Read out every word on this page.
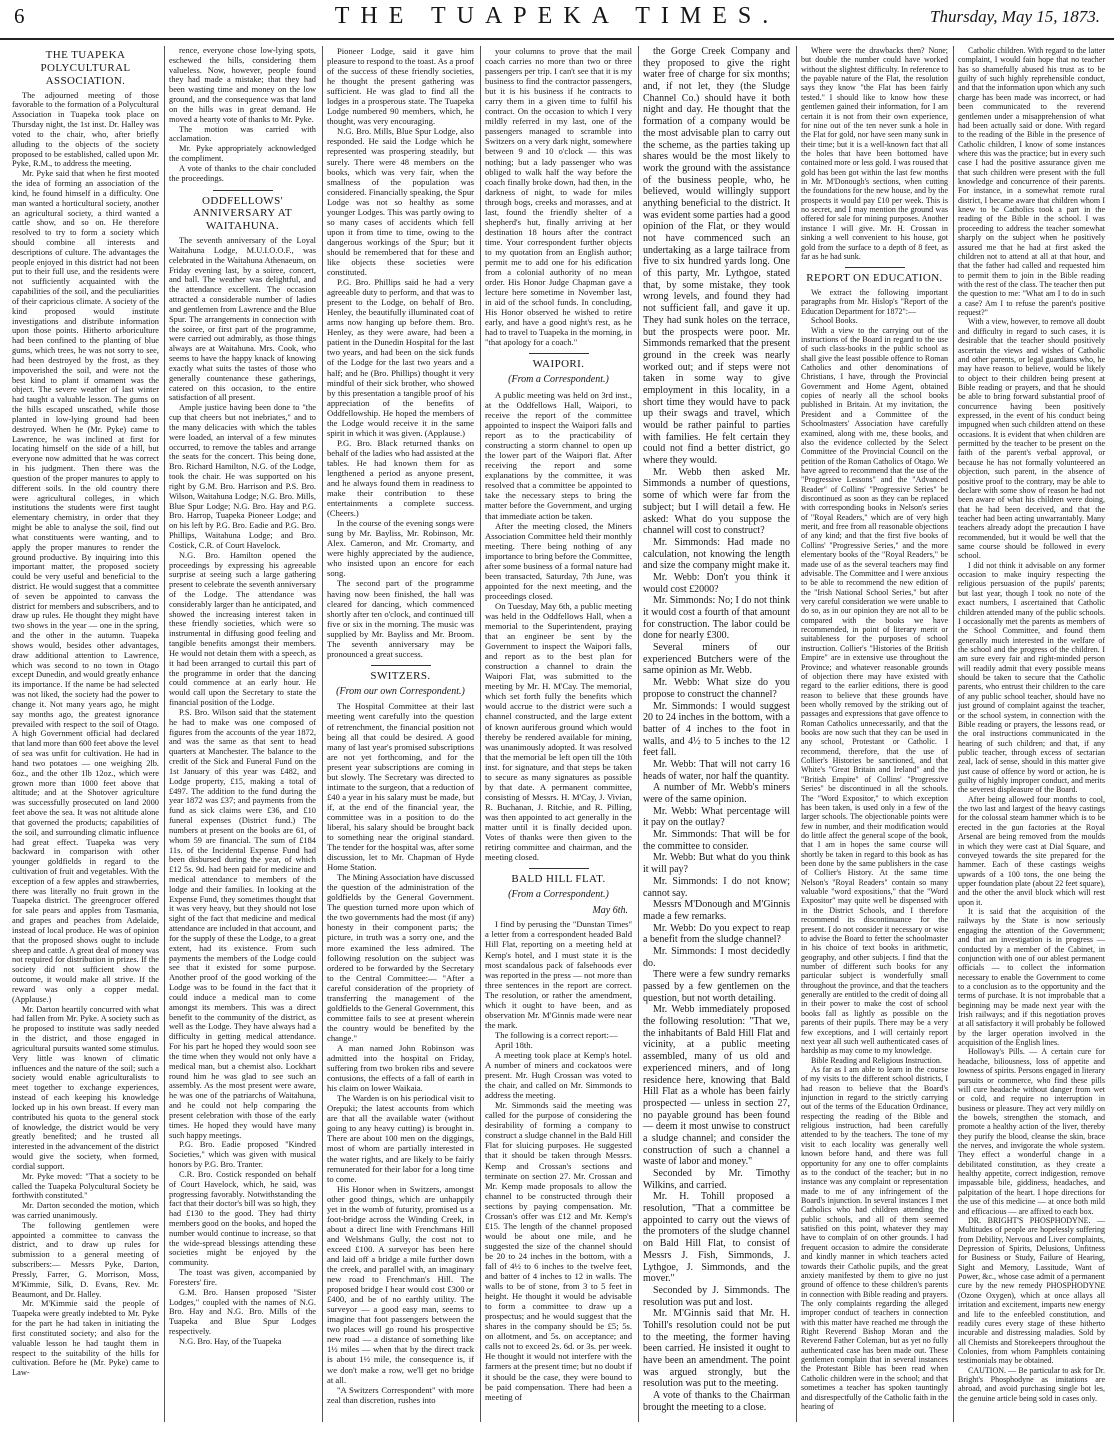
6	THE TUAPEKA TIMES.	Thursday, May 15, 1873.
THE TUAPEKA POLYCULTURAL ASSOCIATION.

The adjourned meeting of those favorable to the formation of a Polycultural Association in Tuapeka took place on Thursday night, the 1st inst. Dr. Halley was voted to the chair, who, after briefly alluding to the objects of the society proposed to be established, called upon Mr. Pyke, R.M., to address the meeting.

Mr. Pyke said that when he first mooted the idea of forming an association of the kind, he found himself in a difficulty. One man wanted a horticultural society, another an agricultural society, a third wanted a cattle show, and so on. He therefore resolved to try to form a society which should combine all interests and descriptions of culture. The advantages the people enjoyed in this district had not been put to their full use, and the residents were not sufficiently acquainted with the capabilities of the soil, and the peculiarities of their capricious climate. A society of the kind proposed would institute investigations and distribute information upon those points. Hitherto arboriculture had been confined to the planting of blue gums, which trees, he was not sorry to see, had been destroyed by the frost, as they impoverished the soil, and were not the best kind to plant if ornament was the object. The severe weather of last winter had taught a valuable lesson. The gums on the hills escaped unscathed, while those planted in low-lying ground had been destroyed. When he (Mr. Pyke) came to Lawrence, he was inclined at first for locating himself on the side of a hill, but everyone now admitted that he was correct in his judgment. Then there was the question of the proper manures to apply to different soils. In the old country there were agricultural colleges, in which institutions the students were first taught elementary chemistry, in order that they might be able to analyse the soil, find out what constituents were wanting, and to apply the proper manures to render the ground productive. By inquiring into this important matter, the proposed society could be very useful and beneficial to the district. He would suggest that a committee of seven be appointed to canvass the district for members and subscribers, and to draw up rules. He thought they might have two shows in the year — one in the spring, and the other in the autumn. Tuapeka shows would, besides other advantages, draw additional attention to Lawrence, which was second to no town in Otago except Dunedin, and would greatly enhance its importance. If the name be had selected was not liked, the society had the power to change it. Not many years ago, he might say months ago, the greatest ignorance prevailed with respect to the soil of Otago. A high Government official had declared that land more than 600 feet above the level of sea was unfit for cultivation. He had in hand two potatoes — one weighing 2lb. 6oz., and the other 1lb 12oz., which were grown more than 1000 feet above that altitude; and at the Shotover agriculture was successfully prosecuted on land 2000 feet above the sea. It was not altitude alone that governed the products; capabilities of the soil, and surrounding climatic influence had great effect. Tuapeka was very backward in comparison with other younger goldfields in regard to the cultivation of fruit and vegetables. With the exception of a few apples and strawberries, there was literally no fruit grown in the Tuapeka district. The greengrocer offered for sale pears and apples from Tasmania, and grapes and peaches from Adelaide, instead of local produce. He was of opinion that the proposed shows ought to include sheep and cattle. A great deal of money was not required for distribution in prizes. If the society did not sufficient show the outcome, it would make all strive. If the reward was only a copper medal. (Applause.)

Mr. Darton heartily concurred with what had fallen from Mr. Pyke. A society such as he proposed to institute was sadly needed in the district, and those engaged in agricultural pursuits wanted some stimulus. Very little was known of climatic influences and the nature of the soil; such a society would enable agriculturalists to meet together to exchange experiences, instead of each keeping his knowledge locked up in his own breast. If every man contributed his quota to the general stock of knowledge, the district would be very greatly benefited; and he trusted all interested in the advancement of the district would give the society, when formed, cordial support.

Mr. Pyke moved: "That a society to be called the Tuapeka Polycultural Society be forthwith constituted."

Mr. Darton seconded the motion, which was carried unanimously.

The following gentlemen were appointed a committee to canvass the district, and to draw up rules for submission to a general meeting of subscribers:— Messrs Pyke, Darton, Pressly, Farrer, G. Morrison, Moss, M'Kimmie, Silk, D. Evans, Rev. Mr. Beaumont, and Dr. Halley.

Mr. M'Kimmie said the people of Tuapeka were greatly indebted to Mr. Pyke for the part he had taken in initiating the first constituted society; and also for the valuable lesson he had taught them in respect to the suitability of the hills for cultivation. Before he (Mr. Pyke) came to Law-

rence, everyone chose low-lying spots, eschewed the hills, considering them valueless. Now, however, people found they had made a mistake; that they had been wasting time and money on the low ground, and the consequence was that land on the hills was in great demand. He moved a hearty vote of thanks to Mr. Pyke.

The motion was carried with acclamation.

Mr. Pyke appropriately acknowledged the compliment.

A vote of thanks to the chair concluded the proceedings.

ODDFELLOWS' ANNIVERSARY AT WAITAHUNA.

The seventh anniversary of the Loyal Waitahuna Lodge, M.U.I.O.O.F., was celebrated in the Waitahuna Athenaeum, on Friday evening last, by a soiree, concert, and ball. The weather was delightful, and the attendance excellent. The occasion attracted a considerable number of ladies and gentlemen from Lawrence and the Blue Spur. The arrangements in connection with the soiree, or first part of the programme, were carried out admirably, as those things always are at Waitahuna. Mrs. Cook, who seems to have the happy knack of knowing exactly what suits the tastes of those who generally countenance these gatherings, catered on this occasion, to the entire satisfaction of all present.

Ample justice having been done to "the cup that cheers but not inebriates," and to the many delicacies with which the tables were loaded, an interval of a few minutes occurred, to remove the tables and arrange the seats for the concert. This being done, Bro. Richard Hamilton, N.G. of the Lodge, took the chair. He was supported on his right by G.M. Bro. Harrison and P.S. Bro. Wilson, Waitahuna Lodge; N.G. Bro. Mills, Blue Spur Lodge; N.G. Bro. Hay and P.G. Bro. Harrop, Tuapeka Pioneer Lodge; and on his left by P.G. Bro. Eadie and P.G. Bro. Phillips, Waitahuna Lodge; and Bro. Costick, C.R. of Court Havelock.

N.G. Bro. Hamilton opened the proceedings by expressing his agreeable surprise at seeing such a large gathering present to celebrate the seventh anniversary of the Lodge. The attendance was considerably larger than he anticipated, and showed the increasing interest taken in these friendly societies, which were so instrumental in diffusing good feeling and tangible benefits amongst their members. He would not detain them with a speech, as it had been arranged to curtail this part of the programme in order that the dancing could commence at an early hour. He would call upon the Secretary to state the financial position of the Lodge.

P.S. Bro. Wilson said that the statement he had to make was one composed of figures from the accounts of the year 1872, and was the same as that sent to head quarters at Manchester. The balance to the credit of the Sick and Funeral Fund on the 1st January of this year was £482, and Lodge property, £15, making a total of £497. The addition to the fund during the year 1872 was £37; and payments from the fund as sick claims were £36, and £10 funeral expenses (District fund.) The numbers at present on the books are 61, of whom 59 are financial. The sum of £184 11s. of the Incidental Expense Fund had been disbursed during the year, of which £12 5s. 9d. had been paid for medicine and medical attendance to members of the lodge and their families. In looking at the Expense Fund, they sometimes thought that it was very heavy, but they should not lose sight of the fact that medicine and medical attendance are included in that account, and for the supply of these the Lodge, to a great extent, had its existence. From such payments the members of the Lodge could see that it existed for some purpose. Another proof of the good working of the Lodge was to be found in the fact that it could induce a medical man to come amongst its members. This was a direct benefit to the community of the district, as well as the Lodge. They have always had a difficulty in getting medical attendance. For his part he hoped they would soon see the time when they would not only have a medical man, but a chemist also. Lockhart round him he was glad to see such an assembly. As the most present were aware, he was one of the patriarchs of Waitahuna, and he could not help comparing the present celebration with those of the early times. He hoped they would have many such happy meetings.

P.G. Bro. Eadie proposed "Kindred Societies," which was given with musical honors by P.G. Bro. Tranter.

C.R. Bro. Costick responded on behalf of Court Havelock, which, he said, was progressing favorably. Notwithstanding the fact that their doctor's bill was so high, they had £130 to the good. They had thirty members good on the books, and hoped the number would continue to increase, so that the wide-spread blessings attending these societies might be enjoyed by the community.

The toast was given, accompanied by Foresters' fire.

G.M. Bro. Hansen proposed "Sister Lodges," coupled with the names of N.G. Bro. Hay and N.G. Bro. Mills of the Tuapeka and Blue Spur Lodges respectively.

N.G. Bro. Hay, of the Tuapeka

Pioneer Lodge, said it gave him pleasure to respond to the toast. As a proof of the success of these friendly societies, he thought the present gathering was sufficient. He was glad to find all the lodges in a prosperous state. The Tuapeka Lodge numbered 90 members, which, he thought, was very encouraging.

N.G. Bro. Mills, Blue Spur Lodge, also responded. He said the Lodge which he represented was prospering steadily, but surely. There were 48 members on the books, which was very fair, when the smallness of the population was considered. Financially speaking, the Spur Lodge was not so healthy as some younger Lodges. This was partly owing to so many cases of accidents which fell upon it from time to time, owing to the dangerous workings of the Spur; but it should be remembered that for these and like objects these societies were constituted.

P.G. Bro. Phillips said he had a very agreeable duty to perform, and that was to present to the Lodge, on behalf of Bro. Henley, the beautifully illuminated coat of arms now hanging up before them. Bro. Henley, as they were aware, had been a patient in the Dunedin Hospital for the last two years, and had been on the sick funds of the Lodge for the last two years and a half; and he (Bro. Phillips) thought it very mindful of their sick brother, who showed by this presentation a tangible proof of his appreciation of the benefits of Oddfellowship. He hoped the members of the Lodge would receive it in the same spirit in which it was given. (Applause.)

P.G. Bro. Black returned thanks on behalf of the ladies who had assisted at the tables. He had known them for as lengthened a period as anyone present, and he always found them in readiness to make their contribution to these entertainments a complete success. (Cheers.)

In the course of the evening songs were sung by Mr. Bayliss, Mr. Robinson, Mr. Alex. Cameron, and Mr. Cromarty, and were highly appreciated by the audience, who insisted upon an encore for each song.

The second part of the programme having now been finished, the hall was cleared for dancing, which commenced shortly after ten o'clock, and continued till five or six in the morning. The music was supplied by Mr. Bayliss and Mr. Broom. The seventh anniversary may be pronounced a great success.

SWITZERS.
(From our own Correspondent.)

The Hospital Committee at their last meeting went carefully into the question of retrenchment, the financial position not being all that could be desired. A good many of last year's promised subscriptions are not yet forthcoming, and for the present year subscriptions are coming in but slowly. The Secretary was directed to intimate to the surgeon, that a reduction of £40 a year in his salary must be made, but if, at the end of the financial year, the committee was in a position to do the liberal, his salary should be brought back to something near the original standard. The tender for the hospital was, after some discussion, let to Mr. Chapman of Hyde Home Station.

The Mining Association have discussed the question of the administration of the goldfields by the General Government. The question turned more upon which of the two governments had the most (if any) honesty in their component parts; the picture, in truth was a sorry one, and the more examined the less admired. The following resolution on the subject was ordered to be forwarded by the Secretary to the Central Committee:— "After a careful consideration of the propriety of transferring the management of the goldfields to the General Government, this committee fails to see at present wherein the country would be benefited by the change."

A man named John Robinson was admitted into the hospital on Friday, suffering from two broken ribs and severe contusions, the effects of a fall of earth in his claim on lower Waikaia.

The Warden is on his periodical visit to Orepuki; the latest accounts from which are that all the available water (without going to any heavy cutting) is brought in. There are about 100 men on the diggings, most of whom are partially interested in the water rights, and are likely to be fairly remunerated for their labor for a long time to come.

His Honor when in Switzers, amongst other good things, which are unhappily yet in the womb of futurity, promised us a foot-bridge across the Winding Creek, in about a direct line with Frenchmans Hill and Welshmans Gully, the cost not to exceed £100. A surveyor has been here and laid off a bridge a mile further down the creek, and parallel with, an imaginary new road to Frenchman's Hill. The proposed bridge I hear would cost £300 or £400, and be of no earthly utility. The surveyor — a good easy man, seems to imagine that foot passengers between the two places will go round his prospective new road — a distance of something like 1½ miles — when that by the direct track is about 1½ mile, the consequence is, if we don't make a row, we'll get no bridge at all.

"A Switzers Correspondent" with more zeal than discretion, rushes into

your columns to prove that the mail coach carries no more than two or three passengers per trip. I can't see that it is my business to find the contractor passengers, but it is his business if he contracts to carry them in a given time to fulfil his contract. On the occasion to which I very mildly referred in my last, one of the passengers managed to scramble into Switzers on a very dark night, somewhere between 9 and 10 o'clock — this was nothing; but a lady passenger who was obliged to walk half the way before the coach finally broke down, had then, in the darkness of night, to wade for miles through bogs, creeks and morasses, and at last, found the friendly shelter of a shepherd's hut, finally arriving at her destination 18 hours after the contract time. Your correspondent further objects to my quotation from an English author; permit me to add one for his edification from a colonial authority of no mean order. His Honor Judge Chapman gave a lecture here sometime in November last, in aid of the school funds. In concluding, His Honor observed he wished to retire early, and have a good night's rest, as he had to travel to Tuapeka in the morning, in "that apology for a coach."

WAIPORI.
(From a Correspondent.)

A public meeting was held on 3rd inst., at the Oddfellows Hall, Waipori, to receive the report of the committee appointed to inspect the Waipori falls and report as to the practicability of constructing a storm channel to open up the lower part of the Waipori flat. After receiving the report and some explanations by the committee, it was resolved that a committee be appointed to take the necessary steps to bring the matter before the Government, and urging that immediate action be taken.

After the meeting closed, the Miners Association Committee held their monthly meeting. There being nothing of any importance to bring before the Committee, after some business of a formal nature had been transacted, Saturday, 7th June, was appointed for the next meeting, and the proceedings closed.

On Tuesday, May 6th, a public meeting was held in the Oddfellows Hall, when a memorial to the Superintendent, praying that an engineer be sent by the Government to inspect the Waipori falls, and report as to the best plan for construction a channel to drain the Waipori Flat, was submitted to the meeting by Mr. H. M'Cay. The memorial, which set forth fully the benefits which would accrue to the district were such a channel constructed, and the large extent of known auriferous ground which would thereby be rendered available for mining, was unanimously adopted. It was resolved that the memorial be left open till the 10th inst. for signature, and that steps be taken to secure as many signatures as possible by that date. A permanent committee, consisting of Messrs. H. M'Cay, J. Vivian, R. Buchanan, J. Ritchie, and R. Pilling, was then appointed to act generally in the matter until it is finally decided upon. Votes of thanks were then given to the retiring committee and chairman, and the meeting closed.

BALD HILL FLAT.
(From a Correspondent.)
May 6th.

I find by perusing the "Dunstan Times" a letter from a correspondent headed Bald Hill Flat, reporting on a meeting held at Kemp's hotel, and I must state it is the most scandalous pack of falsehoods ever was reported in the press — not more than three sentences in the report are correct. The resolution, or rather the amendment, which it ought to have been, and as observation Mr. M'Ginnis made were near the mark.

The following is a correct report:—

April 18th.

A meeting took place at Kemp's hotel. A number of miners and cockatoos were present. Mr. Hugh Crossan was voted to the chair, and called on Mr. Simmonds to address the meeting.

Mr. Simmonds said the meeting was called for the purpose of considering the desirability of forming a company to construct a sludge channel in the Bald Hill Flat for sluicing purposes. He suggested that it should be taken through Messrs. Kemp and Crossan's sections and terminate on section 27. Mr. Crossan and Mr. Kemp made proposals to allow the channel to be constructed through their sections by paying compensation. Mr. Crossan's offer was £12 and Mr. Kemp's £15. The length of the channel proposed would be about one mile, and he suggested the size of the channel should be 20 to 24 inches in the bottom, with a fall of 4½ to 6 inches to the twelve feet, and batter of 4 inches to 12 in walls. The walls to be of stone, from 3 to 5 feet in height. He thought it would be advisable to form a committee to draw up a prospectus; and he would suggest that the shares in the company should be £5; 5s. on allotment, and 5s. on acceptance; and calls not to exceed 2s. 6d. or 3s. per week. He thought it would not interfere with the farmers at the present time; but no doubt if it should be the case, they were bound to be paid compensation. There had been a meeting of

the Gorge Creek Company and they proposed to give the right water free of charge for six months; and, if not let, they (the Sludge Channel Co.) should have it both night and day. He thought that the formation of a company would be the most advisable plan to carry out the scheme, as the parties taking up shares would be the most likely to work the ground with the assistance of the business people, who, he believed, would willingly support anything beneficial to the district. It was evident some parties had a good opinion of the Flat, or they would not have commenced such an undertaking as a large tailrace from five to six hundred yards long. One of this party, Mr. Lythgoe, stated that, by some mistake, they took wrong levels, and found they had not sufficient fall, and gave it up. They had sunk holes on the terrace, but the prospects were poor. Mr. Simmonds remarked that the present ground in the creek was nearly worked out; and if steps were not taken in some way to give employment in this locality, in a short time they would have to pack up their swags and travel, which would be rather painful to parties with families. He felt certain they could not find a better district, go where they would.

Mr. Webb then asked Mr. Simmonds a number of questions, some of which were far from the subject; but I will detail a few. He asked: What do you suppose the channel will cost to construct?

Mr. Simmonds: Had made no calculation, not knowing the length and size the company might make it.

Mr. Webb: Don't you think it would cost £2000?

Mr. Simmonds: No; I do not think it would cost a fourth of that amount for construction. The labor could be done for nearly £300.

Several miners of our experienced Butchers were of the same opinion as Mr. Webb.

Mr. Webb: What size do you propose to construct the channel?

Mr. Simmonds: I would suggest 20 to 24 inches in the bottom, with a batter of 4 inches to the foot in walls, and 4½ to 5 inches to the 12 feet fall.

Mr. Webb: That will not carry 16 heads of water, nor half the quantity.

A number of Mr. Webb's miners were of the same opinion.

Mr. Webb: What percentage will it pay on the outlay?

Mr. Simmonds: That will be for the committee to consider.

Mr. Webb: But what do you think it will pay?

Mr. Simmonds: I do not know; cannot say.

Messrs M'Donough and M'Ginnis made a few remarks.

Mr. Webb: Do you expect to reap a benefit from the sludge channel?

Mr. Simmonds: I most decidedly do.

There were a few sundry remarks passed by a few gentlemen on the question, but not worth detailing.

Mr. Webb immediately proposed the following resolution: "That we, the inhabitants of Bald Hill Flat and vicinity, at a public meeting assembled, many of us old and experienced miners, and of long residence here, knowing that Bald Hill Flat as a whole has been fairly prospected — unless in section 27, no payable ground has been found — deem it most unwise to construct a sludge channel; and consider the construction of such a channel a waste of labor and money."

Seconded by Mr. Timothy Wilkins, and carried.

Mr. H. Tohill proposed a resolution, "That a committee be appointed to carry out the views of the promoters of the sludge channel on Bald Hill Flat, to consist of Messrs J. Fish, Simmonds, J. Lythgoe, J. Simmonds, and the mover."

Seconded by J. Simmonds. The resolution was put and lost.

Mr. M'Ginnis said that Mr. H. Tohill's resolution could not be put to the meeting, the former having been carried. He insisted it ought to have been an amendment. The point was argued strongly, but the resolution was put to the meeting.

A vote of thanks to the Chairman brought the meeting to a close.

Where were the drawbacks then? None; but double the number could have worked without the slightest difficulty. In reference to the payable nature of the Flat, the resolution says they know "the Flat has been fairly tested." I should like to know how these gentlemen gained their information, for I am certain it is not from their own experience, for nine out of the ten never sunk a hole in the Flat for gold, nor have seen many sunk in their time; but it is a well-known fact that all the holes that have been bottomed have contained more or less gold. I was roused that gold has been got within the last few months in Mr. M'Donough's sections, when cutting the foundations for the new house, and by the prospects it would pay £10 per week. This is no secret, and I may mention the ground was offered for sale for mining purposes. Another instance I will give. Mr. H. Crossan in sinking a well convenient to his house, got gold from the surface to a depth of 8 feet, as far as he had sunk.

REPORT ON EDUCATION.

We extract the following important paragraphs from Mr. Hislop's "Report of the Education Department for 1872":—

School Books.

With a view to the carrying out of the instructions of the Board in regard to the use of such class-books in the public school as shall give the least possible offence to Roman Catholics and other denominations of Christians, I have, through the Provincial Government and Home Agent, obtained copies of nearly all the school books published in Britain. At my invitation, the President and a Committee of the Schoolmasters' Association have carefully examined, along with me, these books, and also the evidence collected by the Select Committee of the Provincial Council on the petition of the Roman Catholics of Otago. We have agreed to recommend that the use of the "Progressive Lessons" and the "Advanced Reader" of Collins' "Progressive Series" be discontinued as soon as they can be replaced with corresponding books in Nelson's series of "Royal Readers," which are of very high merit, and free from all reasonable objections of any kind; and that the first five books of Collins' "Progressive Series," and the more elementary books of the "Royal Readers," be made use of as the several teachers may find advisable. The Committee and I were anxious to be able to recommend the new edition of the "Irish National School Series," but after very careful consideration we were unable to do so, as in our opinion they are not all to be compared with the books we have recommended, in point of literary merit or suitableness for the purposes of school instruction. Collier's "Histories of the British Empire" are in extensive use throughout the Province; and whatever reasonable grounds of objection there may have existed with regard to the earlier editions, there is good reason to believe that these grounds have been wholly removed by the striking out of passages and expressions that gave offence to Roman Catholics unnecessarily, and that the books are now such that they can be used in any school, Protestant or Catholic. I recommend, therefore, that the use of Collier's Histories be sanctioned, and that White's "Great Britain and Ireland" and the "British Empire" of Collins' "Progressive Series" be discontinued in all the schools. The "Word Expositor," to which exception has been taken, is used only in a few of the larger schools. The objectionable points were few in number, and their modification would do little affect the general scope of the book, that I am in hopes the same course will shortly be taken in regard to this book as has been done by the same publishers in the case of Collier's History. At the same time Nelson's "Royal Readers" contain so many valuable "word expositions," that the "Word Expositor" may quite well be dispensed with in the District Schools, and I therefore recommend its discontinuance for the present. I do not consider it necessary or wise to advise the Board to fetter the schoolmaster in his choice of text books in arithmetic, geography, and other subjects. I find that the number of different such books for any particular subject is wonderfully small throughout the province, and that the teachers generally are entitled to the credit of doing all in their power to make the cost of school books fall as lightly as possible on the parents of their pupils. There may be a very few exceptions, and I will certainly report next year all such well authenticated cases of hardship as may come to my knowledge.

Bible Reading and Religious Instruction.

As far as I am able to learn in the course of my visits to the different school districts, I had reason to believe that the Board's injunction in regard to the strictly carrying out of the terms of the Education Ordinance, respecting the reading of the Bible and religious instruction, had been carefully attended to by the teachers. The tone of my visit to each locality was generally well known before hand, and there was full opportunity for any one to offer complaints as to the conduct of the teacher; but in no instance was any complaint or representation made to me of any infringement of the Board's injunction. In several instances I met Catholics who had children attending the public schools, and all of them seemed satisfied on this point, whatever they may have to complain of on other grounds. I had frequent occasion to admire the considerate and kindly manner in which teachers acted towards their Catholic pupils, and the great anxiety manifested by them to give no just ground of offence to these children's parents in connection with Bible reading and prayers. The only complaints regarding the alleged improper conduct of teachers in connection with this matter have reached me through the Right Reverend Bishop Moran and the Reverend Father Coleman, but as yet no fully authenticated case has been made out. These gentlemen complain that in several instances the Protestant Bible has been read when Catholic children were in the school; and that sometimes a teacher has spoken tauntingly and disrespectfully of the Catholic faith in the hearing of

Catholic children. With regard to the latter complaint, I would fain hope that no teacher has so shamefully abused his trust as to be guilty of such highly reprehensible conduct, and that the information upon which any such charge has been made was incorrect, or had been communicated to the reverend gentlemen under a misapprehension of what had been actually said or done. With regard to the reading of the Bible in the presence of Catholic children, I know of some instances where this was the practice; but in every such case I had the positive assurance given me that such children were present with the full knowledge and concurrence of their parents. For instance, in a somewhat remote rural district, I became aware that children whom I knew to be Catholics took a part in the reading of the Bible in the school. I was proceeding to address the teacher somewhat sharply on the subject when he positively assured me that he had at first asked the children not to attend at all at that hour, and that the father had called and requested him to permit them to join in the Bible reading with the rest of the class. The teacher then put the question to me: "What am I to do in such a case? Am I to refuse the parent's positive request?"

With a view, however, to remove all doubt and difficulty in regard to such cases, it is desirable that the teacher should positively ascertain the views and wishes of Catholic and other parents, or legal guardians who, he may have reason to believe, would be likely to object to their children being present at Bible reading or prayers, and that he should be able to bring forward substantial proof of concurrence having been positively expressed, in the event of his conduct being impugned when such children attend on these occasions. It is evident that when children are permitted by the teacher to be present on the faith of the parent's verbal approval, or because he has not formally volunteered an objection, such parent, in the absence of positive proof to the contrary, may be able to declare with some show of reason he had not been aware of what his children were doing, that he had been deceived, and that the teacher had been acting unwarrantably. Many teachers already adopt the precaution I have recommended, but it would be well that the same course should be followed in every school.

I did not think it advisable on any former occasion to make inquiry respecting the religious persuasion of the pupils' parents; but last year, though I took no note of the exact numbers, I ascertained that Catholic children attended many of the public schools. I occasionally met the parents as members of the School Committee, and found them generally much interested in the welfare of the school and the progress of the children. I am sure every fair and right-minded person will readily admit that every possible means should be taken to secure that the Catholic parents, who entrust their children to the care of any public school teacher, should have no just ground of complaint against the teacher, or the school system, in connection with the Bible reading or prayers, the lessons read, or the oral instructions communicated in the hearing of such children; and that, if any public teacher, through excess of sectarian zeal, lack of sense, should in this matter give just cause of offence by word or action, he is guilty of highly improper conduct, and merits the severest displeasure of the Board.

After being allowed four months to cool, the two last and largest of the heavy castings for the colossal steam hammer which is to be erected in the gun factories at the Royal Arsenal are being removed from the moulds in which they were cast at Dial Square, and conveyed towards the site prepared for the hammer. Each of these castings weighs upwards of a 100 tons, the one being the upper foundation plate (about 22 feet square), and the other the anvil block which will rest upon it.

It is said that the acquisition of the railways by the State is now seriously engaging the attention of the Government; and that an investigation is in progress — conducted by a member of the Cabinet, in conjunction with one of our ablest permanent officials — to collect the information necessary to enable the Government to come to a conclusion as to the opportunity and the terms of purchase. It is not improbable that a beginning may be made next year with the Irish railways; and if this negotiation proves at all satisfactory it will probably be followed by the larger operation involved in the acquisition of the English lines.

Holloway's Pills. — A certain cure for headache, biliousness, loss of appetite and lowness of spirits. Persons engaged in literary pursuits or commerce, who find these pills will cure headache without danger from wet or cold, and require no interruption in business or pleasure. They act very mildly on the bowels, strengthen the stomach, and promote a healthy action of the liver, thereby they purify the blood, cleanse the skin, brace the nerves, and invigorate the whole system. They effect a wonderful change in a debilitated constitution, as they create a healthy appetite, correct indigestion, remove impassable bile, giddiness, headaches, and palpitation of the heart. I hope directions for the use of this medicine — at once both mild and efficacious — are affixed to each box.

DR. BRIGHT'S PHOSPHODYNE. — Multitudes of people are hopelessly suffering from Debility, Nervous and Liver complaints, Depression of Spirits, Delusions, Unfitness for Business or Study, Failure of Hearing, Sight and Memory, Lassitude, Want of Power, &c., whose case admit of a permanent cure by the new remedy PHOSPHODYNE (Ozone Oxygen), which at once allays all irritation and excitement, imparts new energy and life to the enfeebled constitution, and readily cures every stage of these hitherto incurable and distressing maladies. Sold by all Chemists and Storekeepers throughout the Colonies, from whom Pamphlets containing testimonials may be obtained.

CAUTION. — Be particular to ask for Dr. Bright's Phosphodyne as imitations are abroad, and avoid purchasing single bot les, the genuine article being sold in cases only.
